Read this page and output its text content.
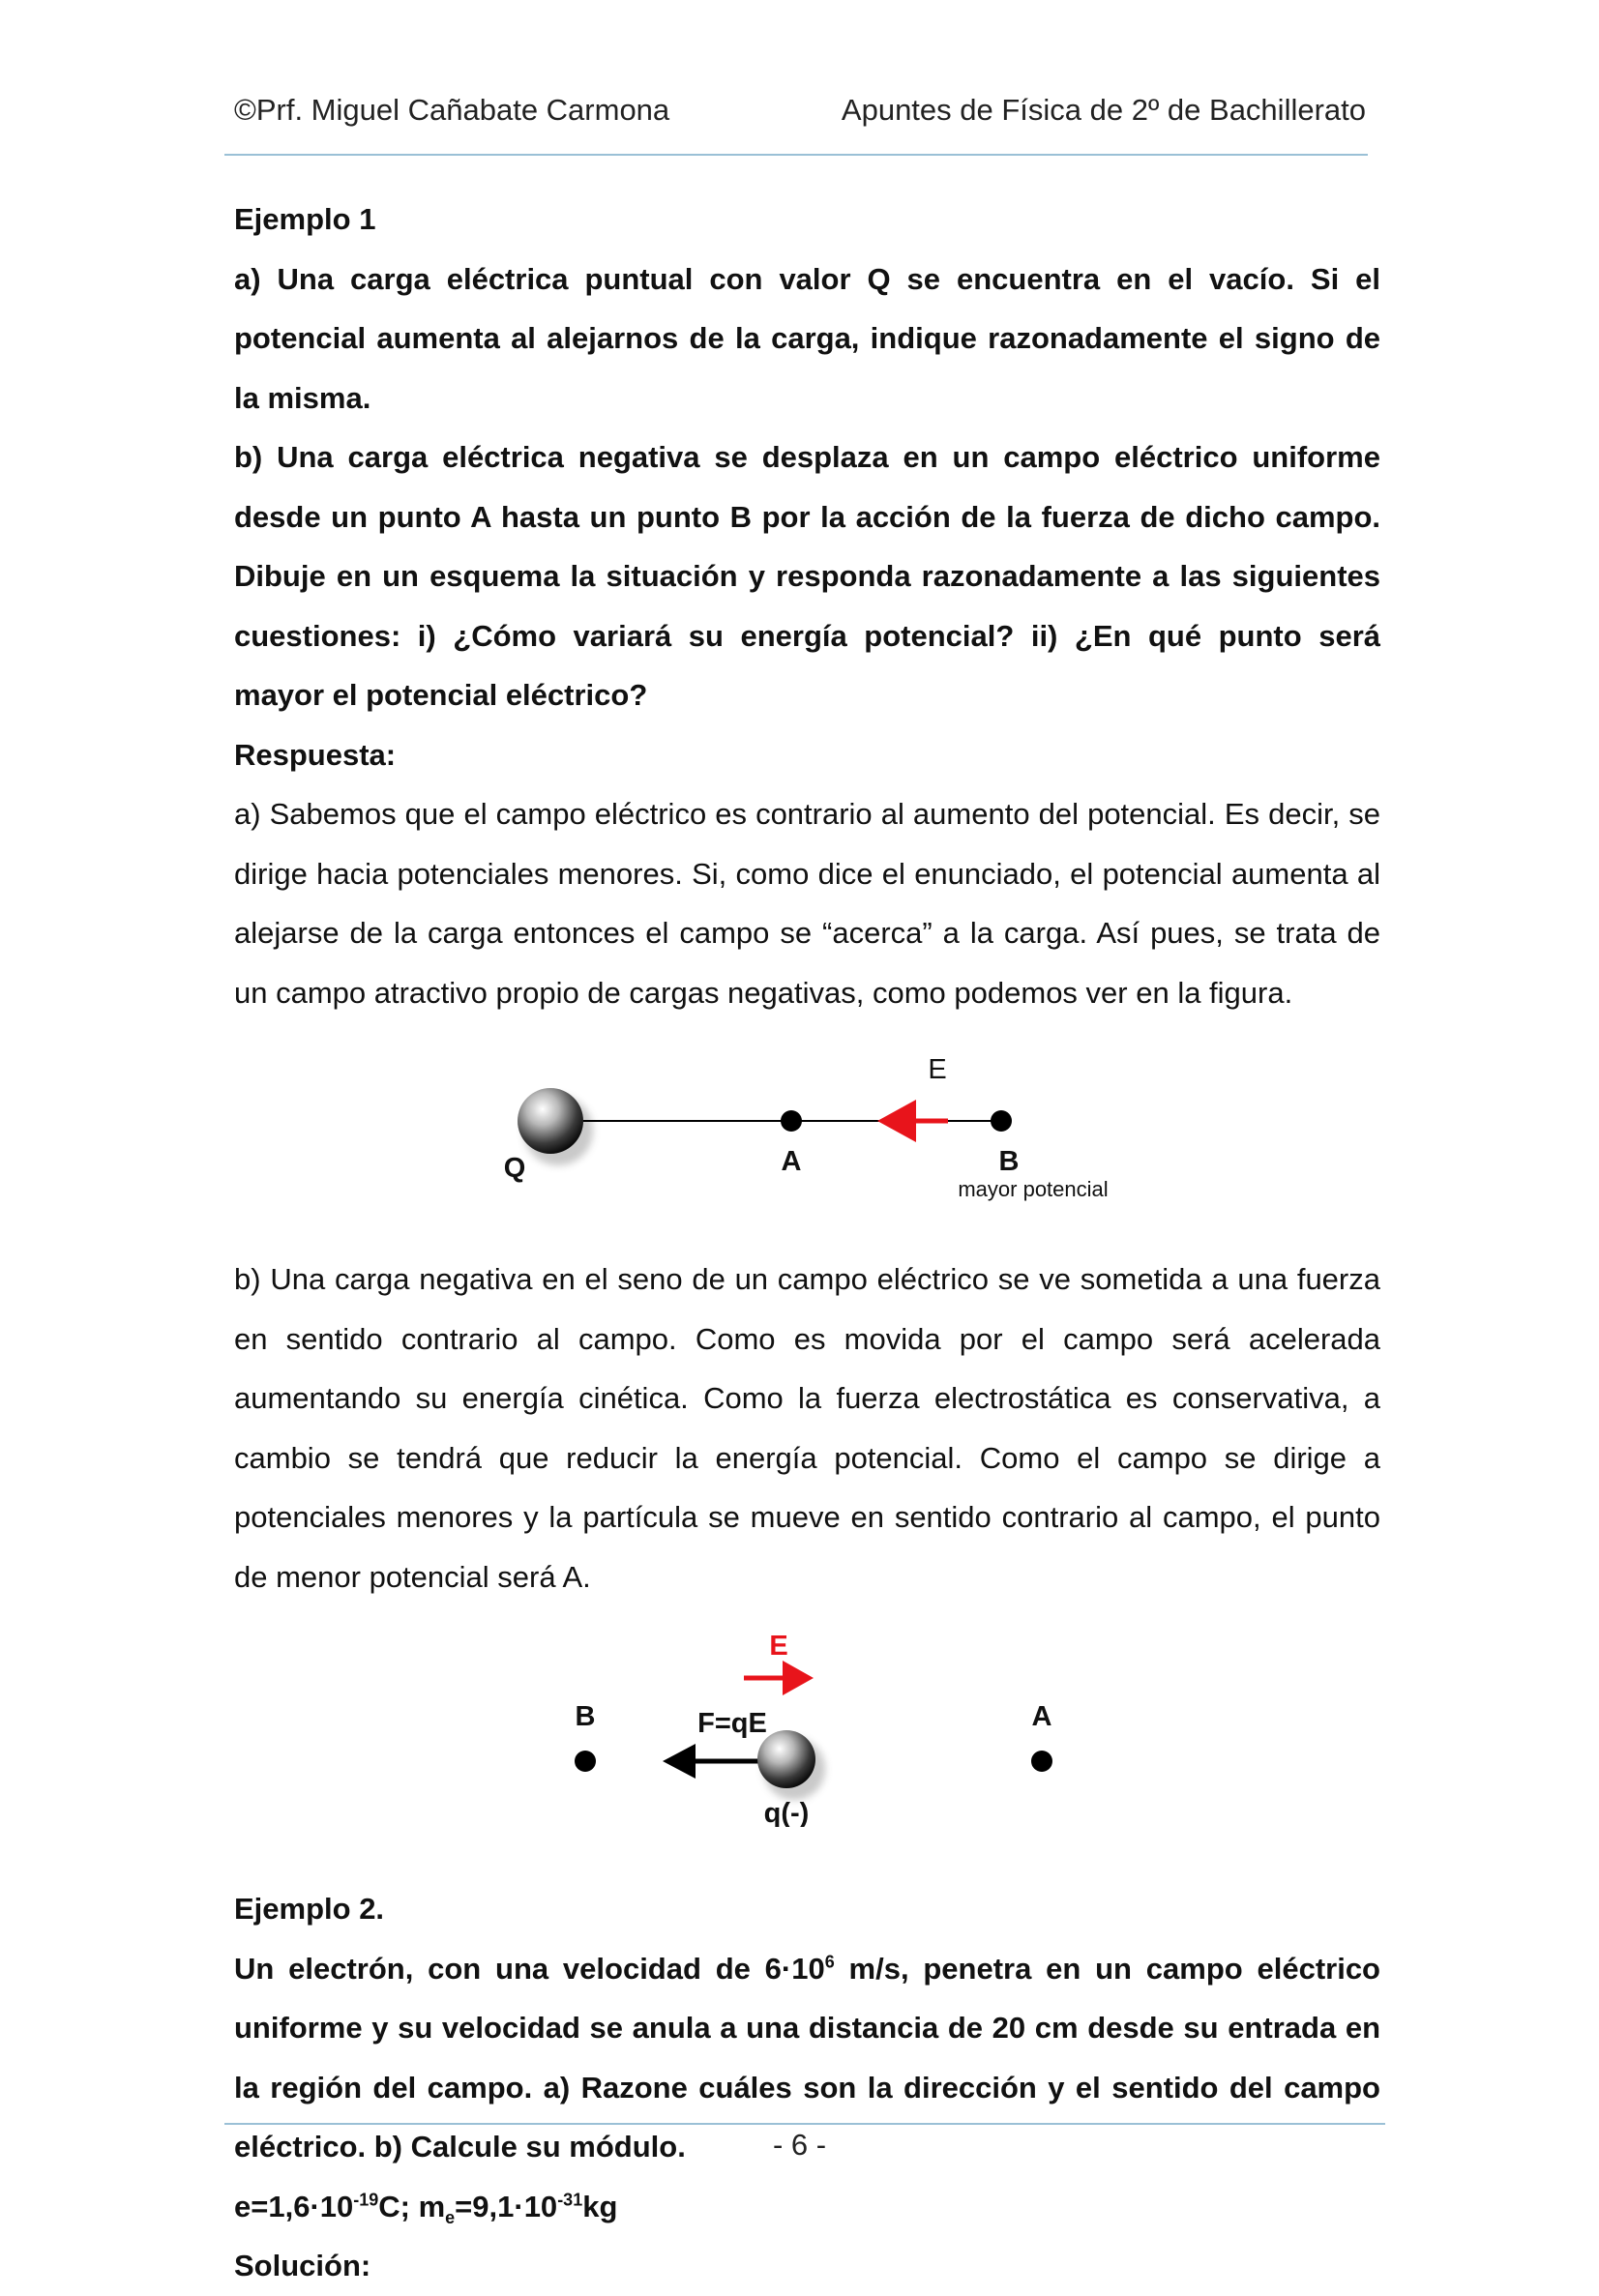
©Prf. Miguel Cañabate Carmona	Apuntes de Física de 2º de Bachillerato

Ejemplo 1

a) Una carga eléctrica puntual con valor Q se encuentra en el vacío. Si el potencial aumenta al alejarnos de la carga, indique razonadamente el signo de la misma.

b) Una carga eléctrica negativa se desplaza en un campo eléctrico uniforme desde un punto A hasta un punto B por la acción de la fuerza de dicho campo. Dibuje en un esquema la situación y responda razonadamente a las siguientes cuestiones: i) ¿Cómo variará su energía potencial? ii) ¿En qué punto será mayor el potencial eléctrico?

Respuesta:

a) Sabemos que el campo eléctrico es contrario al aumento del potencial. Es decir, se dirige hacia potenciales menores. Si, como dice el enunciado, el potencial aumenta al alejarse de la carga entonces el campo se “acerca” a la carga. Así pues, se trata de un campo atractivo propio de cargas negativas, como podemos ver en la figura.

E
Q	A	B
mayor potencial

b) Una carga negativa en el seno de un campo eléctrico se ve sometida a una fuerza en sentido contrario al campo. Como es movida por el campo será acelerada aumentando su energía cinética. Como la fuerza electrostática es conservativa, a cambio se tendrá que reducir la energía potencial. Como el campo se dirige a potenciales menores y la partícula se mueve en sentido contrario al campo, el punto de menor potencial será A.

E
B	A
F=qE
q(-)

Ejemplo 2.

Un electrón, con una velocidad de $6\cdot 10^6$ m/s, penetra en un campo eléctrico uniforme y su velocidad se anula a una distancia de 20 cm desde su entrada en la región del campo. a) Razone cuáles son la dirección y el sentido del campo eléctrico. b) Calcule su módulo.

$e=1,6\cdot 10^{-19}C$; $m_e=9,1\cdot 10^{-31}kg$

Solución:

- 6 -
